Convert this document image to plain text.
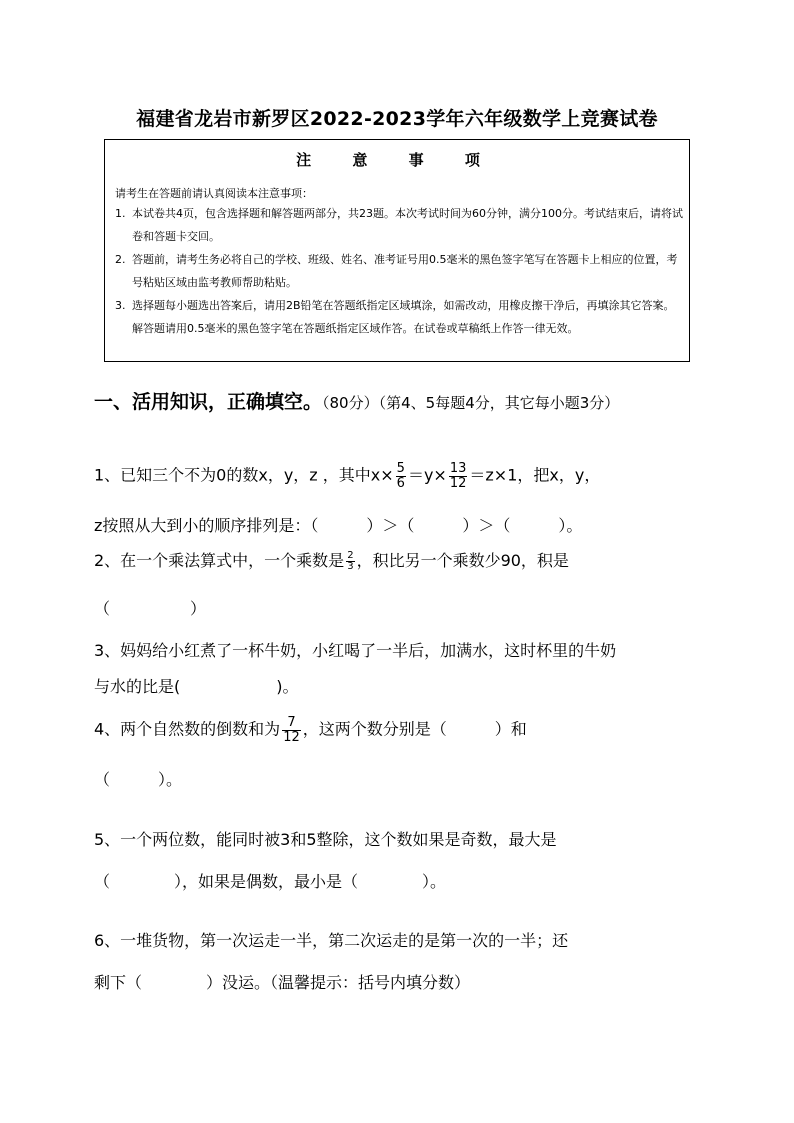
福建省龙岩市新罗区2022-2023学年六年级数学上竞赛试卷
注 意 事 项
请考生在答题前请认真阅读本注意事项：
1. 本试卷共4页，包含选择题和解答题两部分，共23题。本次考试时间为60分钟，满分100分。考试结束后，请将试卷和答题卡交回。
2. 答题前，请考生务必将自己的学校、班级、姓名、准考证号用0.5毫米的黑色签字笔写在答题卡上相应的位置，考号粘贴区域由监考教师帮助粘贴。
3. 选择题每小题选出答案后，请用2B铅笔在答题纸指定区域填涂，如需改动，用橡皮擦干净后，再填涂其它答案。解答题请用0.5毫米的黑色签字笔在答题纸指定区域作答。在试卷或草稿纸上作答一律无效。
一、活用知识，正确填空。（80分）（第4、5每题4分，其它每小题3分）
1、已知三个不为0的数x，y，z ，其中$x\times \frac{5}{6} =y\times \frac{13}{12} =z\times 1$，把x，y，
z按照从大到小的顺序排列是：（　　　）＞（　　　）＞（　　　）。
2、在一个乘法算式中，一个乘数是 $\frac{2}{3}$ ，积比另一个乘数少90，积是
（　　　　　）
3、妈妈给小红煮了一杯牛奶，小红喝了一半后，加满水，这时杯里的牛奶
与水的比是(　　　　　　)。
4、两个自然数的倒数和为 $\frac{7}{12}$ ，这两个数分别是（　　　）和
（　　　）。
5、一个两位数，能同时被3和5整除，这个数如果是奇数，最大是
（　　　　），如果是偶数，最小是（　　　　）。
6、一堆货物，第一次运走一半，第二次运走的是第一次的一半；还
剩下（　　　　）没运。（温馨提示：括号内填分数）
